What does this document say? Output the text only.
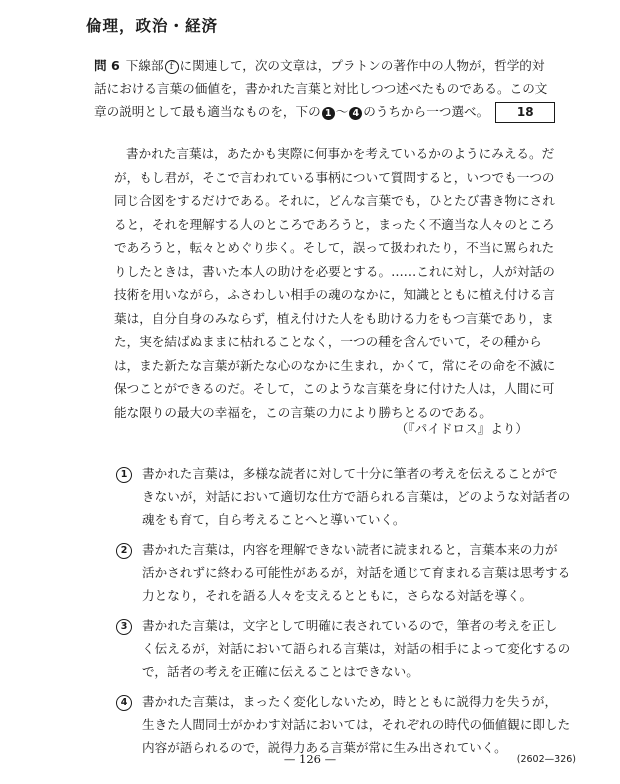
倫理，政治・経済
問 6 下線部 ｆ に関連して，次の文章は，プラトンの著作中の人物が，哲学的対話における言葉の価値を，書かれた言葉と対比しつつ述べたものである。この文章の説明として最も適当なものを，下の 1 ～ 4 のうちから一つ選べ。 18
書かれた言葉は，あたかも実際に何事かを考えているかのようにみえる。だ
が，もし君が，そこで言われている事柄について質問すると，いつでも一つの
同じ合図をするだけである。それに，どんな言葉でも，ひとたび書き物にされ
ると，それを理解する人のところであろうと，まったく不適当な人々のところ
であろうと，転々とめぐり歩く。そして，誤って扱われたり，不当に罵られた
りしたときは，書いた本人の助けを必要とする。……これに対し，人が対話の
技術を用いながら，ふさわしい相手の魂のなかに，知識とともに植え付ける言
葉は，自分自身のみならず，植え付けた人をも助ける力をもつ言葉であり，ま
た，実を結ばぬままに枯れることなく，一つの種を含んでいて，その種から
は，また新たな言葉が新たな心のなかに生まれ，かくて，常にその命を不滅に
保つことができるのだ。そして，このような言葉を身に付けた人は，人間に可
能な限りの最大の幸福を，この言葉の力により勝ちとるのである。
（『パイドロス』より）
1	書かれた言葉は，多様な読者に対して十分に筆者の考えを伝えることがで
きないが，対話において適切な仕方で語られる言葉は，どのような対話者の
魂をも育て，自ら考えることへと導いていく。
2	書かれた言葉は，内容を理解できない読者に読まれると，言葉本来の力が
活かされずに終わる可能性があるが，対話を通じて育まれる言葉は思考する
力となり，それを語る人々を支えるとともに，さらなる対話を導く。
3	書かれた言葉は，文字として明確に表されているので，筆者の考えを正し
く伝えるが，対話において語られる言葉は，対話の相手によって変化するの
で，話者の考えを正確に伝えることはできない。
4	書かれた言葉は，まったく変化しないため，時とともに説得力を失うが，
生きた人間同士がかわす対話においては，それぞれの時代の価値観に即した
内容が語られるので，説得力ある言葉が常に生み出されていく。
— 126 —	(2602—326)
